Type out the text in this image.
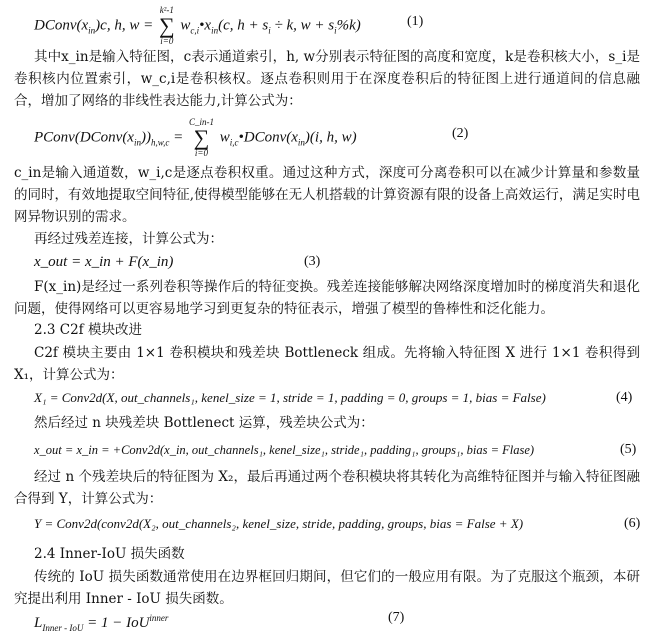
$DConv(x_{in})c$, h, w =
k²-1
∑
i=0
$w_{c,i}•x_{in}(c$, $h + s_i \div k$, $w + s_i\%k$)	(1)
其中x_in是输入特征图，c表示通道索引，h, w分别表示特征图的高度和宽度，k是卷积核大小，s_i是卷积核内位置索引，w_c,i是卷积核权。逐点卷积则用于在深度卷积后的特征图上进行通道间的信息融合，增加了网络的非线性表达能力,计算公式为：
$PConv(DConv(x_{in}))_{h,w,c}$ =
C_in-1
∑
i=0
$w_{i,c}•DConv(x_{in})(i$, h, w)	(2)
c_in是输入通道数，w_i,c是逐点卷积权重。通过这种方式，深度可分离卷积可以在减少计算量和参数量的同时，有效地提取空间特征,使得模型能够在无人机搭载的计算资源有限的设备上高效运行，满足实时电网异物识别的需求。
再经过残差连接，计算公式为：
x_out = x_in + F(x_in)	(3)
F(x_in)是经过一系列卷积等操作后的特征变换。残差连接能够解决网络深度增加时的梯度消失和退化问题，使得网络可以更容易地学习到更复杂的特征表示，增强了模型的鲁棒性和泛化能力。
2.3 C2f 模块改进
C2f 模块主要由 1×1 卷积模块和残差块 Bottleneck 组成。先将输入特征图 X 进行 1×1 卷积得到 X₁，计算公式为：
X₁ = Conv2d(X, out_channels₁, kenel_size = 1, stride = 1, padding = 0, groups = 1, bias = False)	(4)
然后经过 n 块残差块 Bottlenect 运算，残差块公式为：
x_out = x_in = +Conv2d(x_in, out_channels₁, kenel_size₁, stride₁, padding₁, groups₁, bias = Flase)	(5)
经过 n 个残差块后的特征图为 X₂，最后再通过两个卷积模块将其转化为高维特征图并与输入特征图融合得到 Y，计算公式为：
Y = Conv2d(conv2d(X₂, out_channels₂, kenel_size, stride, padding, groups, bias = False + X)	(6)
2.4 Inner-IoU 损失函数
传统的 IoU 损失函数通常使用在边界框回归期间，但它们的一般应用有限。为了克服这个瓶颈，本研究提出利用 Inner - IoU 损失函数。
$L_{Inner - IoU} = 1 - IoU^{inner}$	(7)
